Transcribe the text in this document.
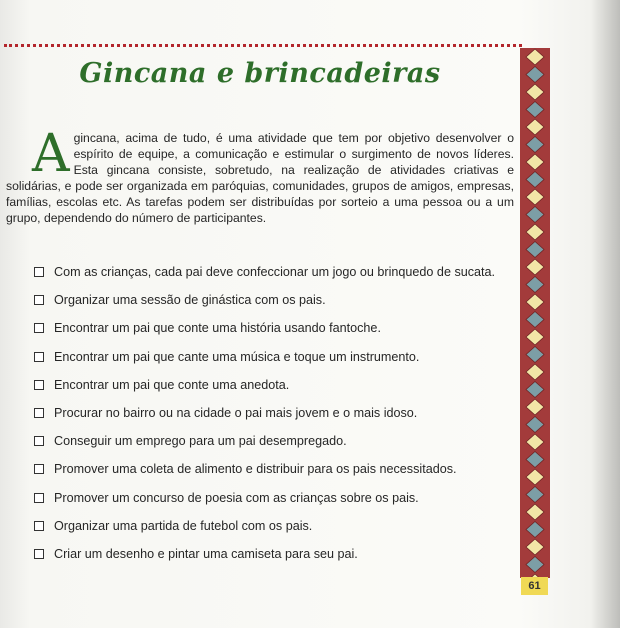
Gincana e brincadeiras

A gincana, acima de tudo, é uma atividade que tem por objetivo desenvolver o espírito de equipe, a comunicação e estimular o surgimento de novos líderes. Esta gincana consiste, sobretudo, na realização de atividades criativas e solidárias, e pode ser organizada em paróquias, comunidades, grupos de amigos, empresas, famílias, escolas etc. As tarefas podem ser distribuídas por sorteio a uma pessoa ou a um grupo, dependendo do número de participantes.

Com as crianças, cada pai deve confeccionar um jogo ou brinquedo de sucata.
Organizar uma sessão de ginástica com os pais.
Encontrar um pai que conte uma história usando fantoche.
Encontrar um pai que cante uma música e toque um instrumento.
Encontrar um pai que conte uma anedota.
Procurar no bairro ou na cidade o pai mais jovem e o mais idoso.
Conseguir um emprego para um pai desempregado.
Promover uma coleta de alimento e distribuir para os pais necessitados.
Promover um concurso de poesia com as crianças sobre os pais.
Organizar uma partida de futebol com os pais.
Criar um desenho e pintar uma camiseta para seu pai.
61
